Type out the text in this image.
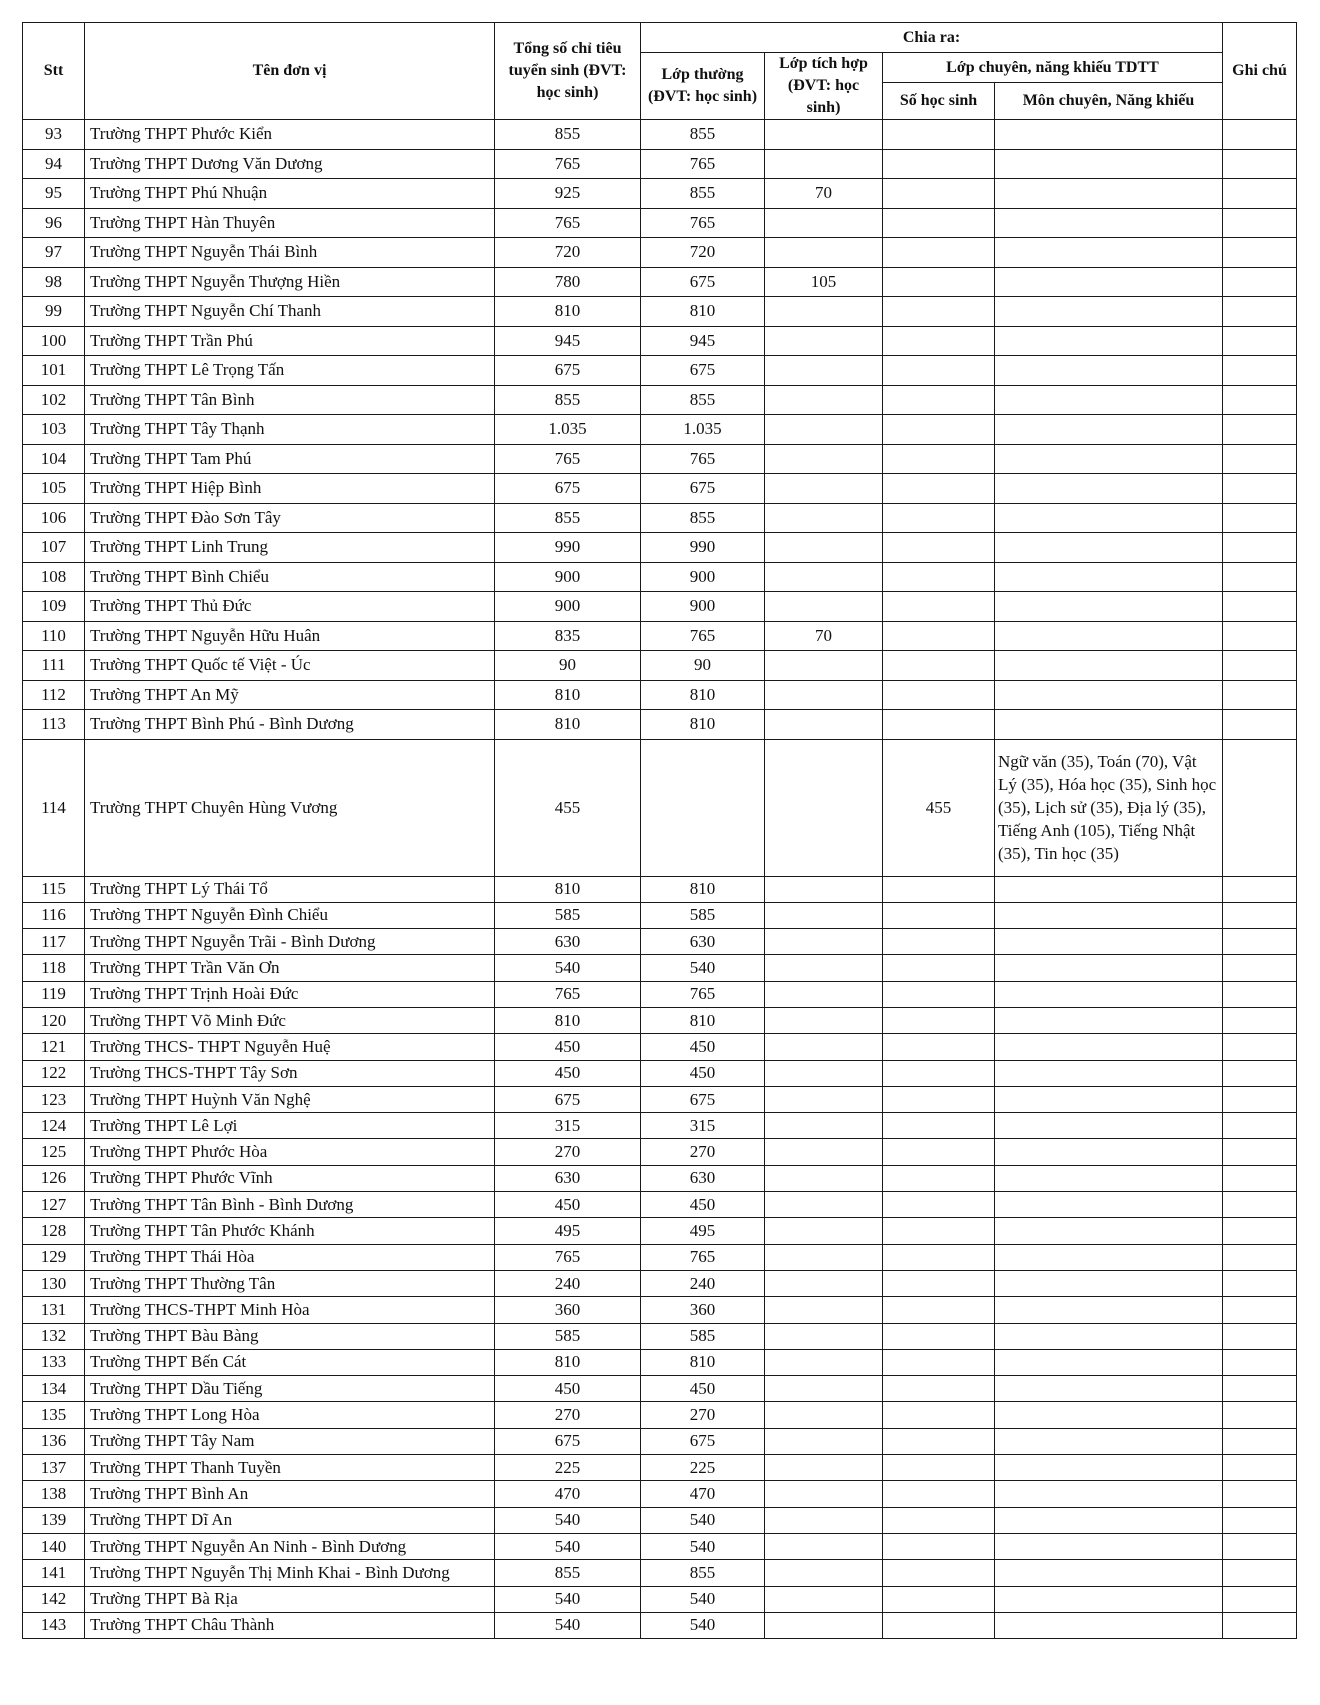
Stt	Tên đơn vị	Tổng số chỉ tiêu tuyển sinh (ĐVT: học sinh)	Chia ra:				Ghi chú
			Lớp thường (ĐVT: học sinh)	Lớp tích hợp (ĐVT: học sinh)	Lớp chuyên, năng khiếu TDTT		
					Số học sinh	Môn chuyên, Năng khiếu	
93	Trường THPT Phước Kiển	855	855				
94	Trường THPT Dương Văn Dương	765	765				
95	Trường THPT Phú Nhuận	925	855	70			
96	Trường THPT Hàn Thuyên	765	765				
97	Trường THPT Nguyễn Thái Bình	720	720				
98	Trường THPT Nguyễn Thượng Hiền	780	675	105			
99	Trường THPT Nguyễn Chí Thanh	810	810				
100	Trường THPT Trần Phú	945	945				
101	Trường THPT Lê Trọng Tấn	675	675				
102	Trường THPT Tân Bình	855	855				
103	Trường THPT Tây Thạnh	1.035	1.035				
104	Trường THPT Tam Phú	765	765				
105	Trường THPT Hiệp Bình	675	675				
106	Trường THPT Đào Sơn Tây	855	855				
107	Trường THPT Linh Trung	990	990				
108	Trường THPT Bình Chiểu	900	900				
109	Trường THPT Thủ Đức	900	900				
110	Trường THPT Nguyễn Hữu Huân	835	765	70			
111	Trường THPT Quốc tế Việt - Úc	90	90				
112	Trường THPT An Mỹ	810	810				
113	Trường THPT Bình Phú - Bình Dương	810	810				
114	Trường THPT Chuyên Hùng Vương	455			455	Ngữ văn (35), Toán (70), Vật Lý (35), Hóa học (35), Sinh học (35), Lịch sử (35), Địa lý (35), Tiếng Anh (105), Tiếng Nhật (35), Tin học (35)	
115	Trường THPT Lý Thái Tổ	810	810				
116	Trường THPT Nguyễn Đình Chiểu	585	585				
117	Trường THPT Nguyễn Trãi - Bình Dương	630	630				
118	Trường THPT Trần Văn Ơn	540	540				
119	Trường THPT Trịnh Hoài Đức	765	765				
120	Trường THPT Võ Minh Đức	810	810				
121	Trường THCS- THPT Nguyễn Huệ	450	450				
122	Trường THCS-THPT Tây Sơn	450	450				
123	Trường THPT Huỳnh Văn Nghệ	675	675				
124	Trường THPT Lê Lợi	315	315				
125	Trường THPT Phước Hòa	270	270				
126	Trường THPT Phước Vĩnh	630	630				
127	Trường THPT Tân Bình - Bình Dương	450	450				
128	Trường THPT Tân Phước Khánh	495	495				
129	Trường THPT Thái Hòa	765	765				
130	Trường THPT Thường Tân	240	240				
131	Trường THCS-THPT Minh Hòa	360	360				
132	Trường THPT Bàu Bàng	585	585				
133	Trường THPT Bến Cát	810	810				
134	Trường THPT Dầu Tiếng	450	450				
135	Trường THPT Long Hòa	270	270				
136	Trường THPT Tây Nam	675	675				
137	Trường THPT Thanh Tuyền	225	225				
138	Trường THPT Bình An	470	470				
139	Trường THPT Dĩ An	540	540				
140	Trường THPT Nguyễn An Ninh - Bình Dương	540	540				
141	Trường THPT Nguyễn Thị Minh Khai - Bình Dương	855	855				
142	Trường THPT Bà Rịa	540	540				
143	Trường THPT Châu Thành	540	540				
